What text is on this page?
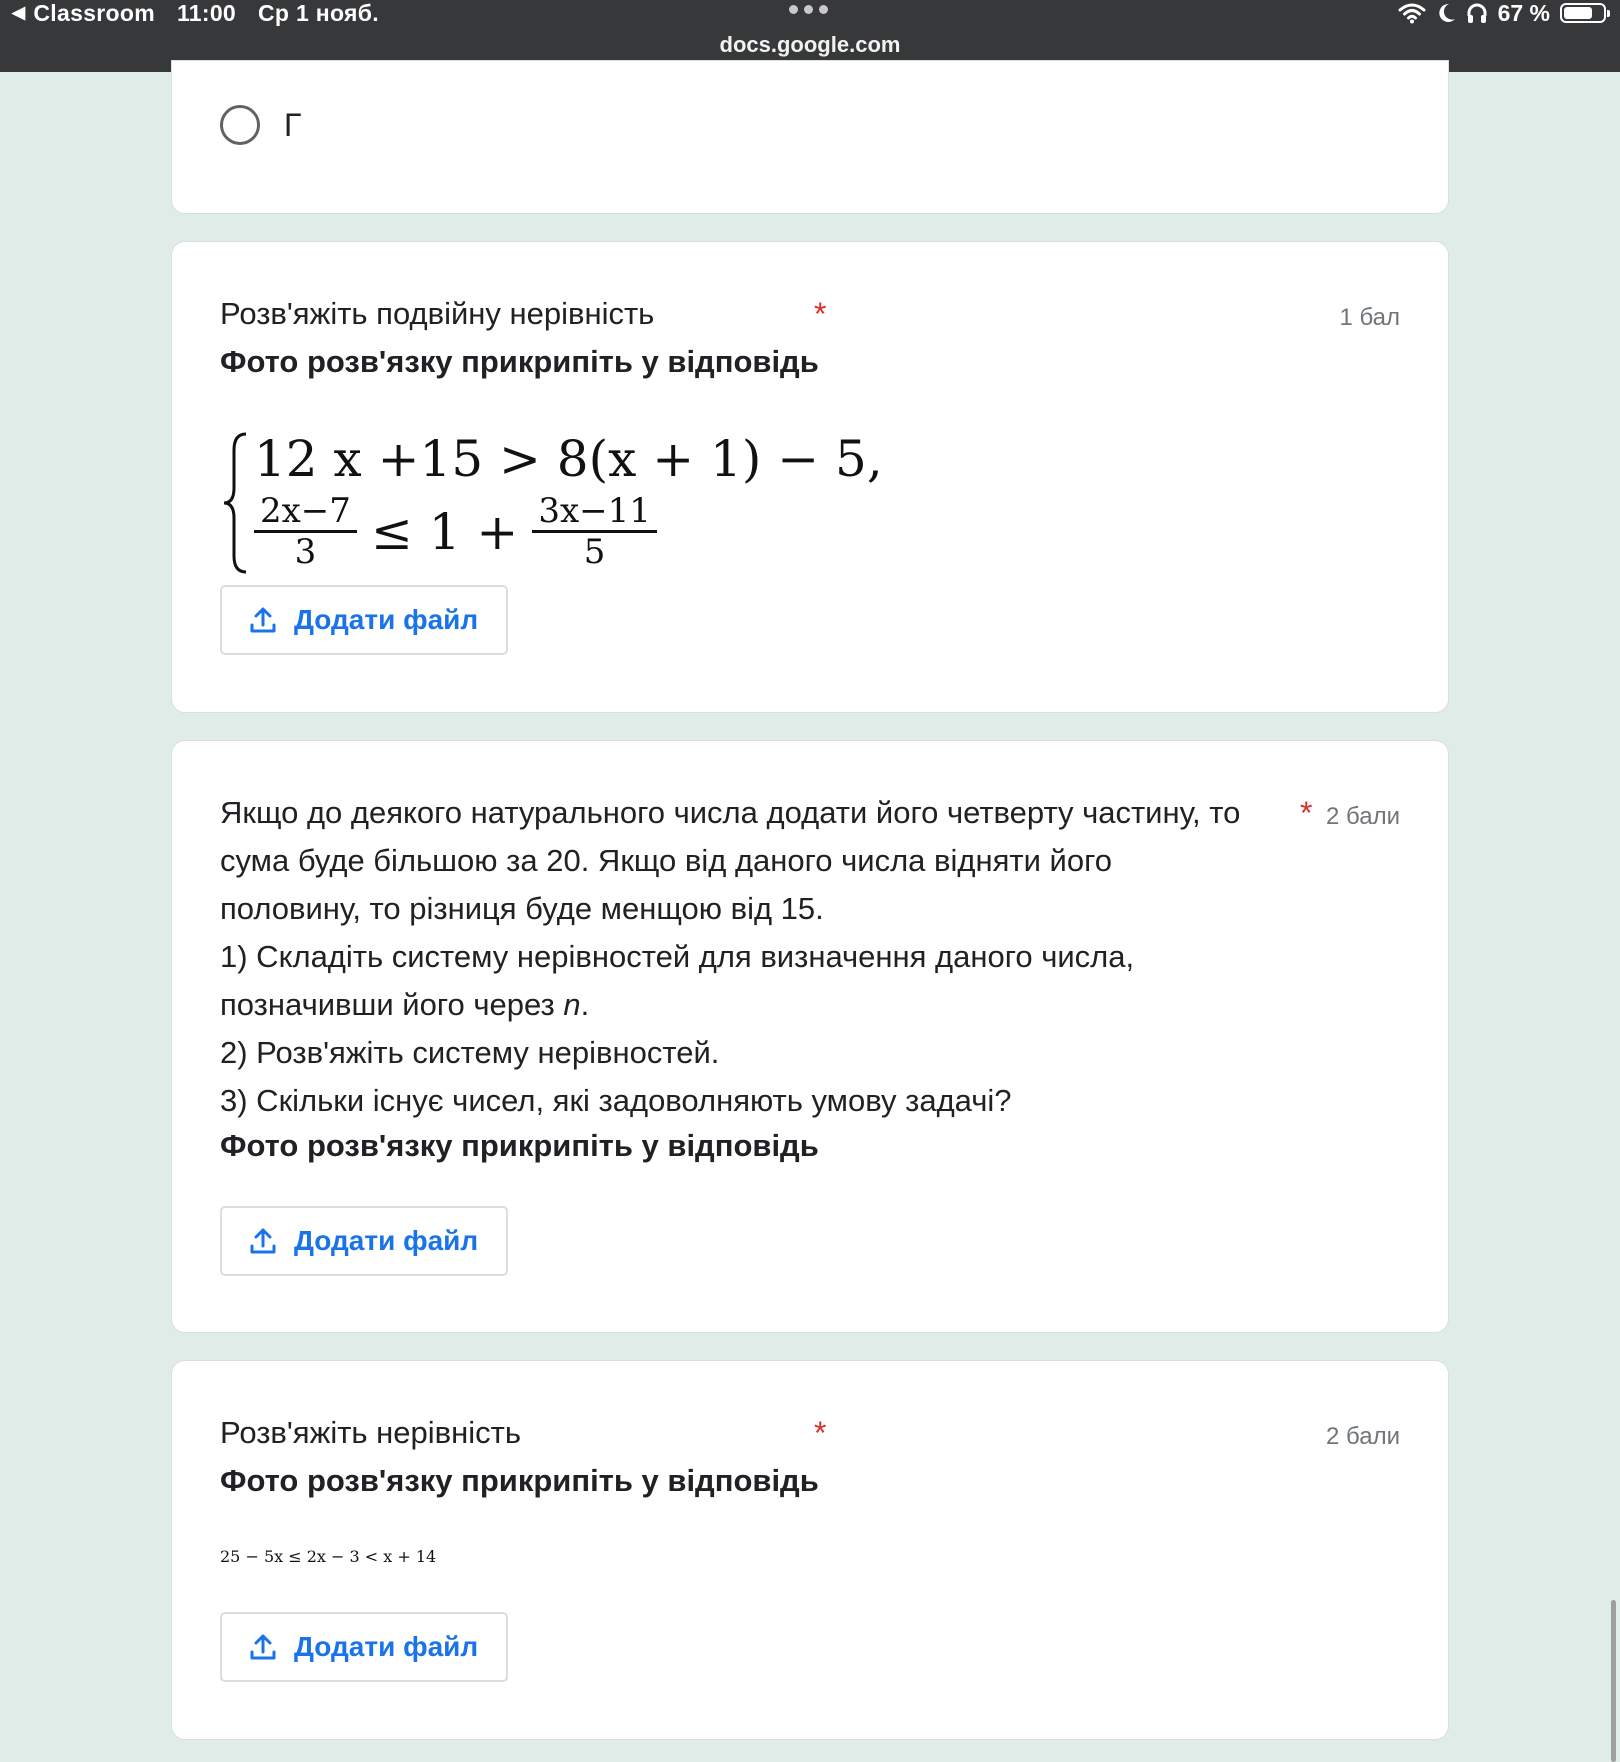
◀ Classroom 11:00 Ср 1 нояб.
docs.google.com
67 %
Г
Розв'яжіть подвійну нерівність	*	1 бал
Фото розв'язку прикрипіть у відповідь
12 x +15 > 8(x + 1) − 5,
$\frac{2x-7}{3} \le 1 + \frac{3x-11}{5}$
Додати файл

Якщо до деякого натурального числа додати його четверту частину, то

сума буде більшою за 20. Якщо від даного числа відняти його

половину, то різниця буде менщою від 15.

1) Складіть систему нерівностей для визначення даного числа,

позначивши його через n.

2) Розв'яжіть систему нерівностей.

3) Скільки існує чисел, які задоволняють умову задачі?

* 2 бали
Фото розв'язку прикрипіть у відповідь
Додати файл
Розв'яжіть нерівність	*	2 бали
Фото розв'язку прикрипіть у відповідь
25 − 5x ≤ 2x − 3 < x + 14
Додати файл
